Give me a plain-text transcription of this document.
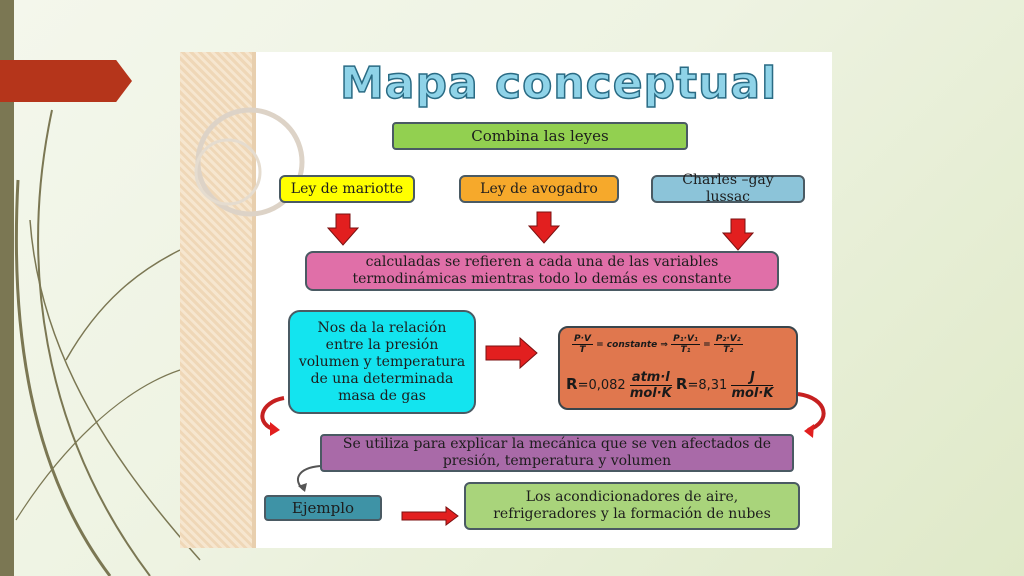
Mapa conceptual
Combina las leyes
Ley de mariotte	Ley de avogadro
Charles –gay lussac
calculadas se refieren a cada una de las variables termodinámicas mientras todo lo demás es constante
Nos da la relación entre la presión volumen y temperatura de una determinada masa de gas
$\frac{P\cdot V}{T}$ = constante ⇒ $\frac{\text{P₁·V₁}}{\text{T₁}} = \frac{\text{P₂·V₂}}{\text{T₂}}$
$R=0,082 \frac{\text{atm·l}}{\text{mol·K}} R=8,31 \frac{J}{\text{mol·K}}$
Se utiliza para explicar la mecánica que se ven afectados de presión, temperatura y volumen
Ejemplo
Los acondicionadores de aire, refrigeradores y la formación de nubes
